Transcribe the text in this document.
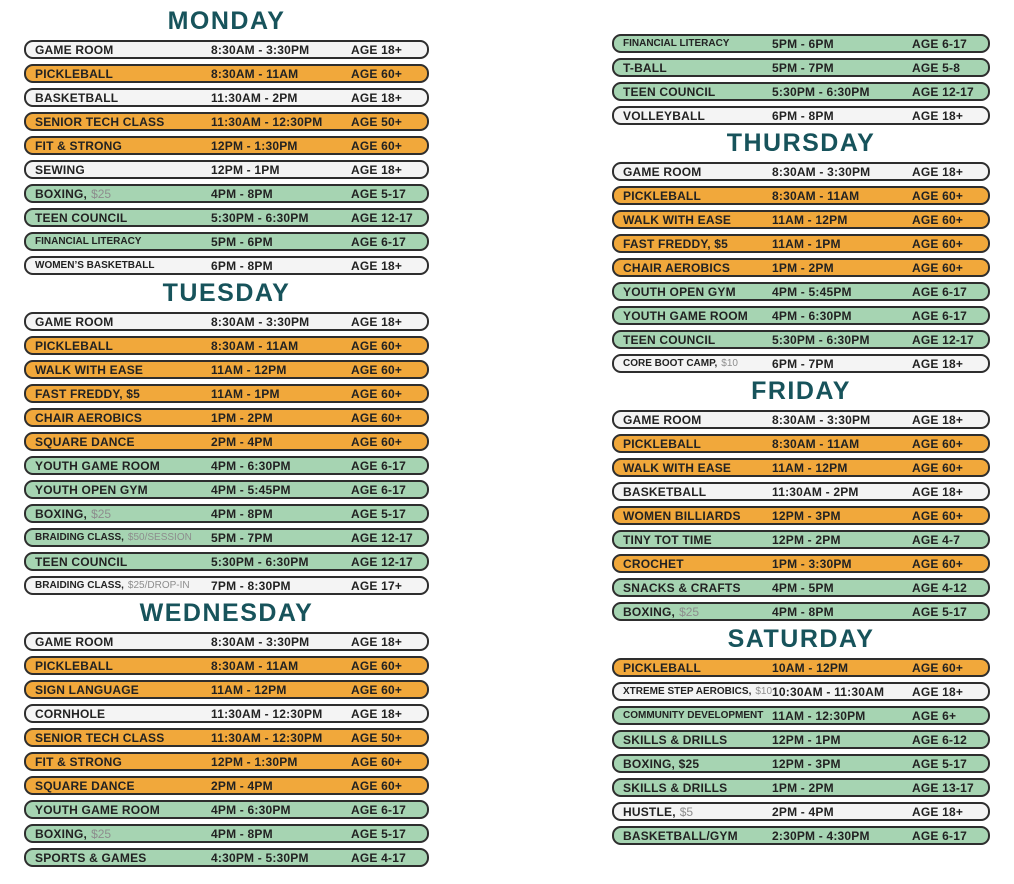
MONDAY
GAME ROOM	8:30AM - 3:30PM	AGE 18+
PICKLEBALL	8:30AM - 11AM	AGE 60+
BASKETBALL	11:30AM - 2PM	AGE 18+
SENIOR TECH CLASS	11:30AM - 12:30PM	AGE 50+
FIT & STRONG	12PM - 1:30PM	AGE 60+
SEWING	12PM - 1PM	AGE 18+
BOXING, $25	4PM - 8PM	AGE 5-17
TEEN COUNCIL	5:30PM - 6:30PM	AGE 12-17
FINANCIAL LITERACY	5PM - 6PM	AGE 6-17
WOMEN’S BASKETBALL	6PM - 8PM	AGE 18+
TUESDAY
GAME ROOM	8:30AM - 3:30PM	AGE 18+
PICKLEBALL	8:30AM - 11AM	AGE 60+
WALK WITH EASE	11AM - 12PM	AGE 60+
FAST FREDDY, $5	11AM - 1PM	AGE 60+
CHAIR AEROBICS	1PM - 2PM	AGE 60+
SQUARE DANCE	2PM - 4PM	AGE 60+
YOUTH GAME ROOM	4PM - 6:30PM	AGE 6-17
YOUTH OPEN GYM	4PM - 5:45PM	AGE 6-17
BOXING, $25	4PM - 8PM	AGE 5-17
BRAIDING CLASS, $50/SESSION 5PM - 7PM	AGE 12-17
TEEN COUNCIL	5:30PM - 6:30PM	AGE 12-17
BRAIDING CLASS, $25/DROP-IN 7PM - 8:30PM	AGE 17+
WEDNESDAY
GAME ROOM	8:30AM - 3:30PM	AGE 18+
PICKLEBALL	8:30AM - 11AM	AGE 60+
SIGN LANGUAGE	11AM - 12PM	AGE 60+
CORNHOLE	11:30AM - 12:30PM	AGE 18+
SENIOR TECH CLASS	11:30AM - 12:30PM	AGE 50+
FIT & STRONG	12PM - 1:30PM	AGE 60+
SQUARE DANCE	2PM - 4PM	AGE 60+
YOUTH GAME ROOM	4PM - 6:30PM	AGE 6-17
BOXING, $25	4PM - 8PM	AGE 5-17
SPORTS & GAMES	4:30PM - 5:30PM	AGE 4-17
FINANCIAL LITERACY	5PM - 6PM	AGE 6-17
T-BALL	5PM - 7PM	AGE 5-8
TEEN COUNCIL	5:30PM - 6:30PM	AGE 12-17
VOLLEYBALL	6PM - 8PM	AGE 18+
THURSDAY
GAME ROOM	8:30AM - 3:30PM	AGE 18+
PICKLEBALL	8:30AM - 11AM	AGE 60+
WALK WITH EASE	11AM - 12PM	AGE 60+
FAST FREDDY, $5	11AM - 1PM	AGE 60+
CHAIR AEROBICS	1PM - 2PM	AGE 60+
YOUTH OPEN GYM	4PM - 5:45PM	AGE 6-17
YOUTH GAME ROOM 4PM - 6:30PM	AGE 6-17
TEEN COUNCIL	5:30PM - 6:30PM	AGE 12-17
CORE BOOT CAMP, $10	6PM - 7PM	AGE 18+
FRIDAY
GAME ROOM	8:30AM - 3:30PM	AGE 18+
PICKLEBALL	8:30AM - 11AM	AGE 60+
WALK WITH EASE	11AM - 12PM	AGE 60+
BASKETBALL	11:30AM - 2PM	AGE 18+
WOMEN BILLIARDS	12PM - 3PM	AGE 60+
TINY TOT TIME	12PM - 2PM	AGE 4-7
CROCHET	1PM - 3:30PM	AGE 60+
SNACKS & CRAFTS	4PM - 5PM	AGE 4-12
BOXING, $25	4PM - 8PM	AGE 5-17
SATURDAY
PICKLEBALL	10AM - 12PM	AGE 60+
XTREME STEP AEROBICS, $10 10:30AM - 11:30AM	AGE 18+
COMMUNITY DEVELOPMENT 11AM - 12:30PM	AGE 6+
SKILLS & DRILLS	12PM - 1PM	AGE 6-12
BOXING, $25	12PM - 3PM	AGE 5-17
SKILLS & DRILLS	1PM - 2PM	AGE 13-17
HUSTLE, $5	2PM - 4PM	AGE 18+
BASKETBALL/GYM	2:30PM - 4:30PM	AGE 6-17
